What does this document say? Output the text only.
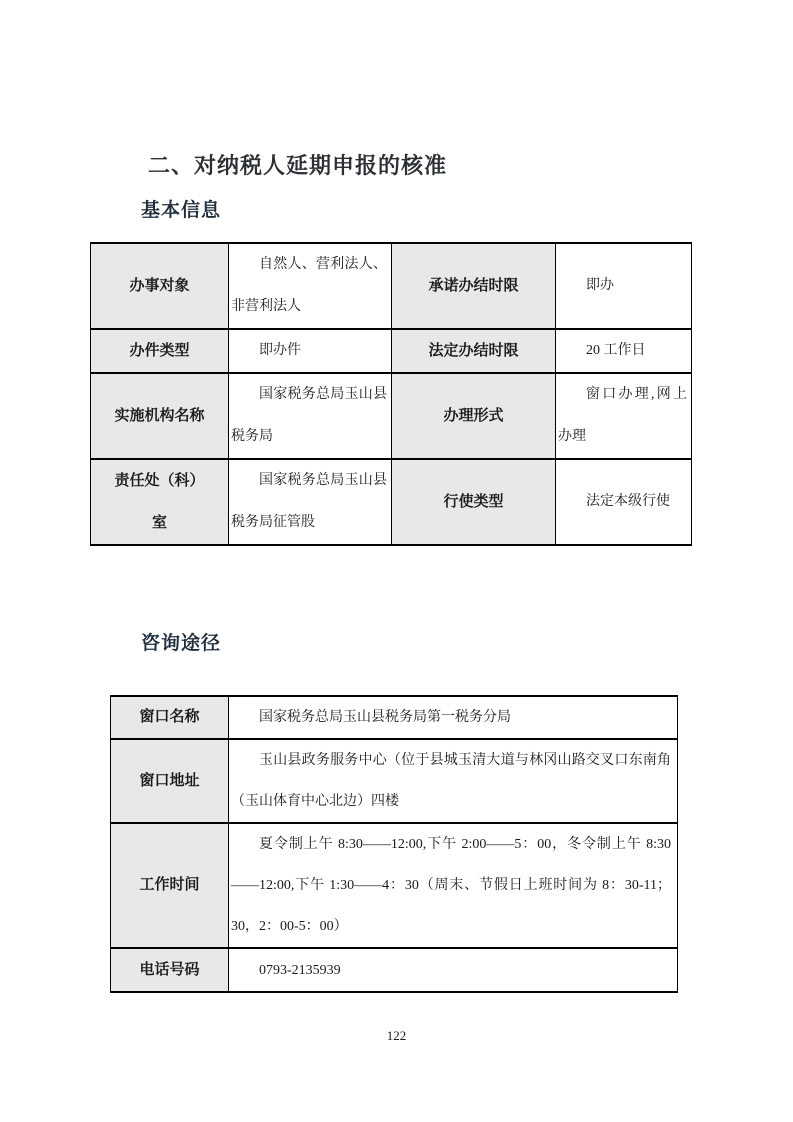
二、对纳税人延期申报的核准
基本信息
办事对象	自然人、营利法人、非营利法人	承诺办结时限	即办
办件类型	即办件	法定办结时限	20 工作日
实施机构名称	国家税务总局玉山县税务局	办理形式	窗口办理,网上办理
责任处（科）室	国家税务总局玉山县税务局征管股	行使类型	法定本级行使
咨询途径
窗口名称	国家税务总局玉山县税务局第一税务分局
窗口地址	玉山县政务服务中心（位于县城玉清大道与林冈山路交叉口东南角（玉山体育中心北边）四楼
工作时间	夏令制上午 8:30——12:00,下午 2:00——5：00，冬令制上午 8:30——12:00,下午 1:30——4：30（周末、节假日上班时间为 8：30-11；30，2：00-5：00）
电话号码	0793-2135939
122
